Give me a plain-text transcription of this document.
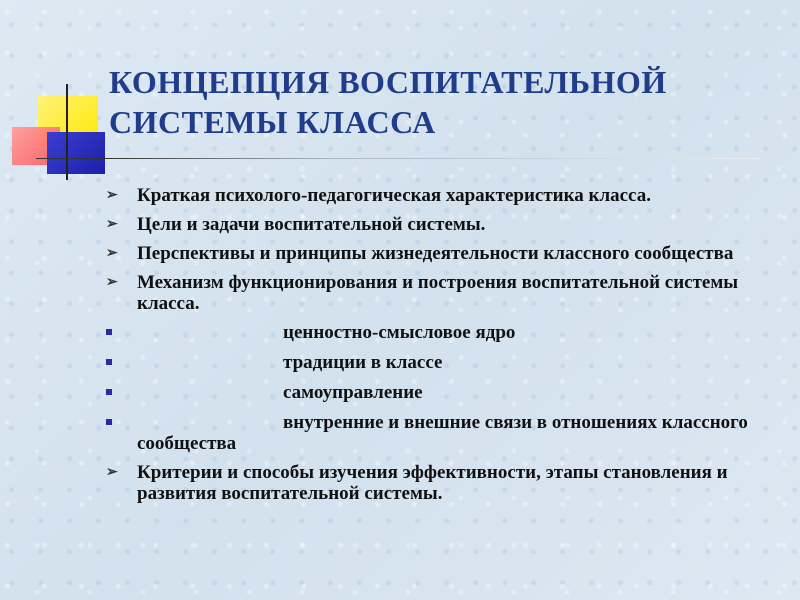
КОНЦЕПЦИЯ ВОСПИТАТЕЛЬНОЙ
СИСТЕМЫ КЛАССА
➢ Краткая психолого-педагогическая характеристика класса.
➢ Цели и задачи воспитательной системы.
➢ Перспективы и принципы жизнедеятельности классного сообщества
➢ Механизм функционирования и построения воспитательной системы класса.
ценностно-смысловое ядро
традиции в классе
самоуправление
внутренние и внешние связи в отношениях классного сообщества
➢ Критерии и способы изучения эффективности, этапы становления и развития воспитательной системы.
